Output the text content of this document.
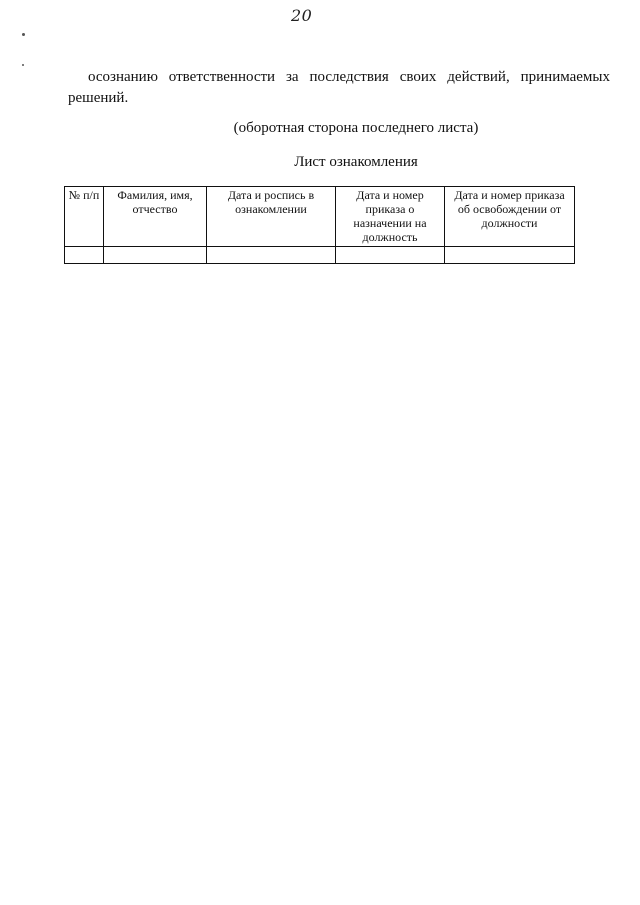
20

осознанию ответственности за последствия своих действий, принимаемых
решений.

(оборотная сторона последнего листа)
Лист ознакомления
№ п/п	Фамилия, имя, отчество	Дата и роспись в ознакомлении	Дата и номер приказа о назначении на должность	Дата и номер приказа об освобождении от должности
